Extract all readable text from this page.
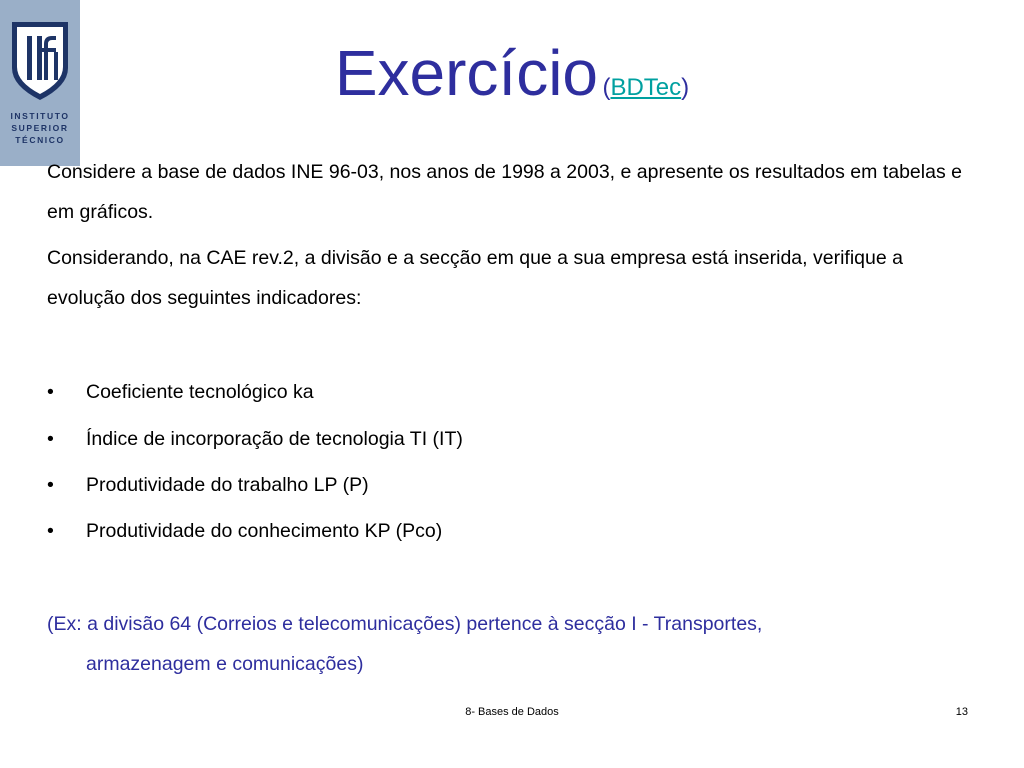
INSTITUTO
SUPERIOR
TÉCNICO
Exercício (BDTec)

Considere a base de dados INE 96-03, nos anos de 1998 a 2003, e apresente os resultados em tabelas e em gráficos.

Considerando, na CAE rev.2, a divisão e a secção em que a sua empresa está inserida, verifique a evolução dos seguintes indicadores:

• Coeficiente tecnológico ka
• Índice de incorporação de tecnologia TI (IT)
• Produtividade do trabalho LP (P)
• Produtividade do conhecimento KP (Pco)

(Ex: a divisão 64 (Correios e telecomunicações) pertence à secção I - Transportes,
armazenagem e comunicações)

8- Bases de Dados	13
